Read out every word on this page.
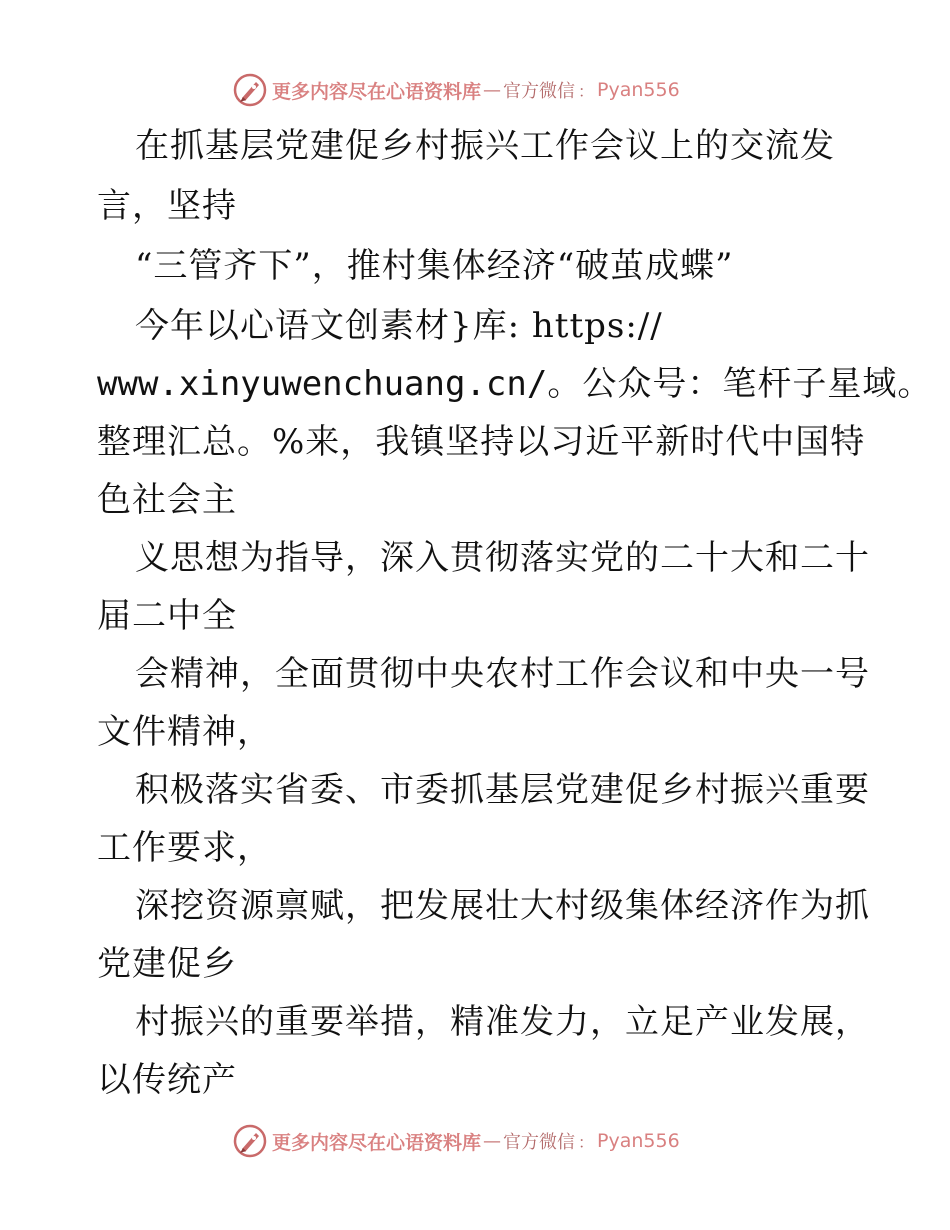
更多内容尽在心语资料库 — 官方微信 ： Pyan556
在抓基层党建促乡村振兴工作会议上的交流发
言，坚持
“三管齐下”，推村集体经济“破茧成蝶”
今年以心语文创素材}库: https://
www.xinyuwenchuang.cn/。公众号：笔杆子星域。
整理汇总。%来，我镇坚持以习近平新时代中国特
色社会主
义思想为指导，深入贯彻落实党的二十大和二十
届二中全
会精神，全面贯彻中央农村工作会议和中央一号
文件精神，
积极落实省委、市委抓基层党建促乡村振兴重要
工作要求，
深挖资源禀赋，把发展壮大村级集体经济作为抓
党建促乡
村振兴的重要举措，精准发力，立足产业发展，
以传统产
更多内容尽在心语资料库 — 官方微信 ： Pyan556
